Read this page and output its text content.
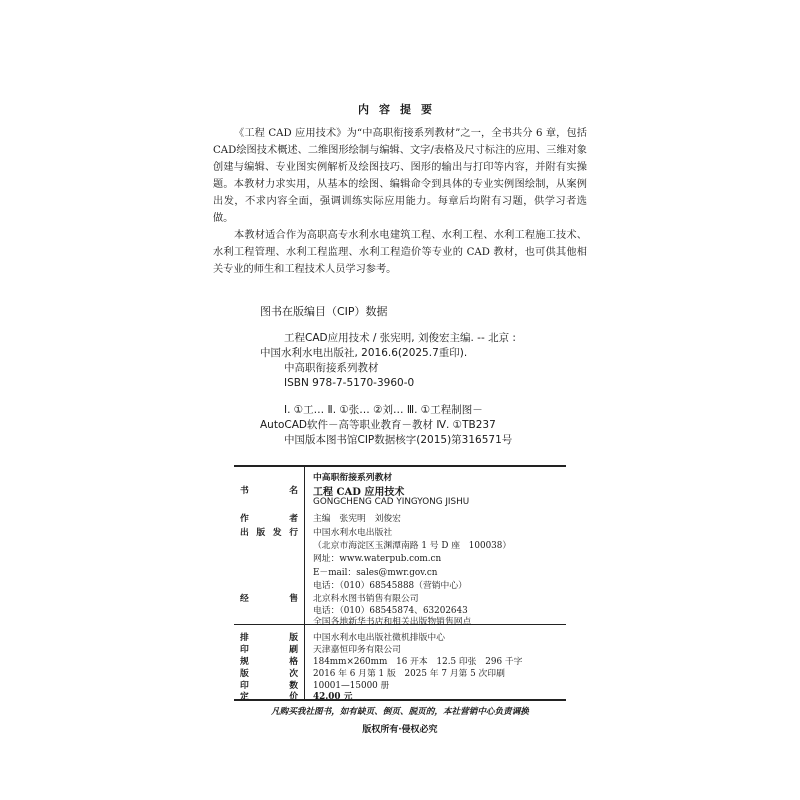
内容提要

《工程 CAD 应用技术》为“中高职衔接系列教材”之一，全书共分 6 章，包括CAD绘图技术概述、二维图形绘制与编辑、文字/表格及尺寸标注的应用、三维对象创建与编辑、专业图实例解析及绘图技巧、图形的输出与打印等内容，并附有实操题。本教材力求实用，从基本的绘图、编辑命令到具体的专业实例图绘制，从案例出发，不求内容全面，强调训练实际应用能力。每章后均附有习题，供学习者选做。

本教材适合作为高职高专水利水电建筑工程、水利工程、水利工程施工技术、水利工程管理、水利工程监理、水利工程造价等专业的 CAD 教材，也可供其他相关专业的师生和工程技术人员学习参考。

图书在版编目（CIP）数据
工程CAD应用技术 / 张宪明, 刘俊宏主编. -- 北京 :
中国水利水电出版社, 2016.6(2025.7重印).
中高职衔接系列教材
ISBN 978-7-5170-3960-0
Ⅰ. ①工… Ⅱ. ①张… ②刘… Ⅲ. ①工程制图－
AutoCAD软件－高等职业教育－教材 Ⅳ. ①TB237
中国版本图书馆CIP数据核字(2015)第316571号
中高职衔接系列教材
书　　名 工程 CAD 应用技术
GONGCHENG CAD YINGYONG JISHU
作　　者 主编　张宪明　刘俊宏
出版发行 中国水利水电出版社
（北京市海淀区玉渊潭南路 1 号 D 座　100038）
网址：www.waterpub.com.cn
E－mail：sales@mwr.gov.cn
电话：（010）68545888（营销中心）
经　　售 北京科水图书销售有限公司
电话：（010）68545874、63202643
全国各地新华书店和相关出版物销售网点
排　　版 中国水利水电出版社微机排版中心
印　　刷 天津嘉恒印务有限公司
规　　格 184mm×260mm　16 开本　12.5 印张　296 千字
版　　次 2016 年 6 月第 1 版　2025 年 7 月第 5 次印刷
印　　数 10001—15000 册
定　　价 42.00 元
凡购买我社图书，如有缺页、倒页、脱页的，本社营销中心负责调换
版权所有·侵权必究
